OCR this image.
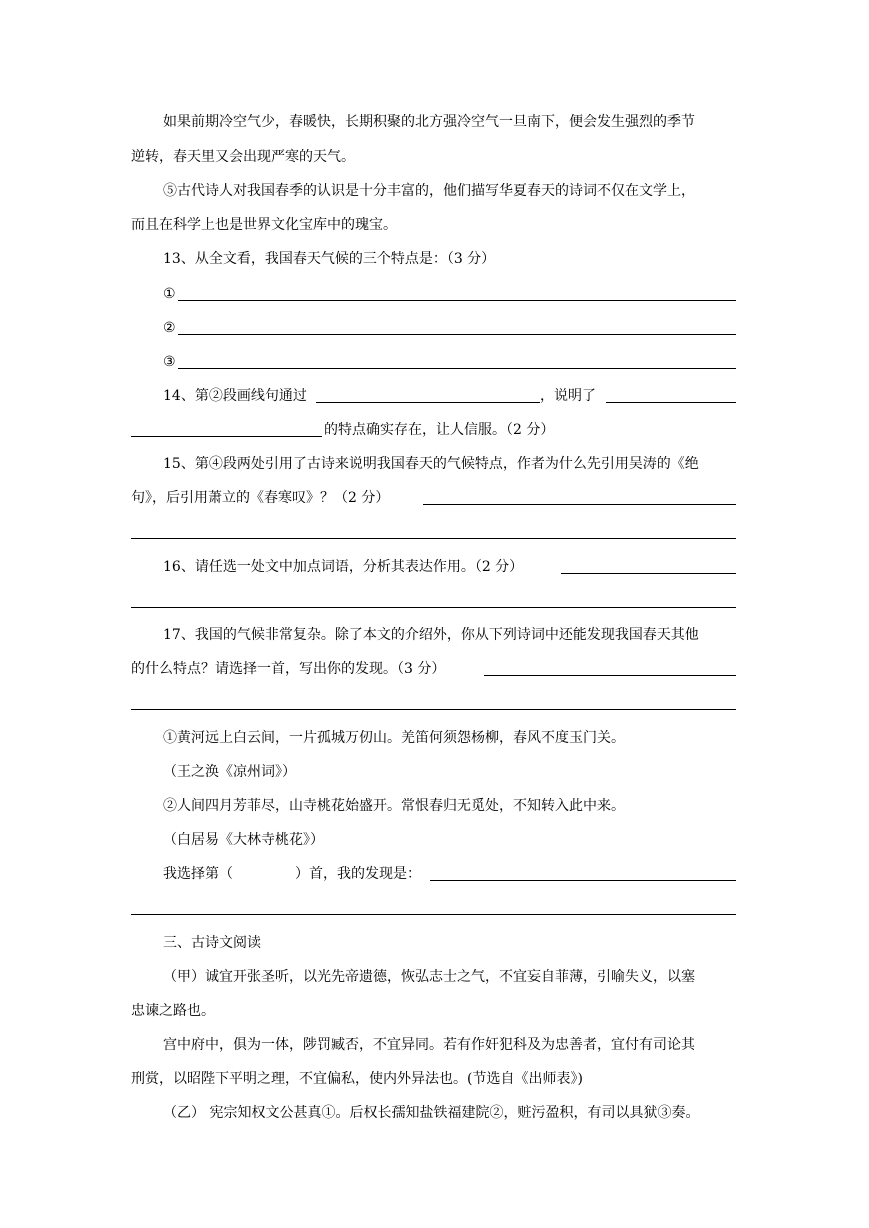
如果前期冷空气少，春暖快，长期积聚的北方强冷空气一旦南下，便会发生强烈的季节
逆转，春天里又会出现严寒的天气。
⑤古代诗人对我国春季的认识是十分丰富的，他们描写华夏春天的诗词不仅在文学上，
而且在科学上也是世界文化宝库中的瑰宝。
13、从全文看，我国春天气候的三个特点是：（3 分）
①
②
③
14、第②段画线句通过	，说明了
的特点确实存在，让人信服。（2 分）
15、第④段两处引用了古诗来说明我国春天的气候特点，作者为什么先引用吴涛的《绝
句》，后引用萧立的《春寒叹》？（2 分）
16、请任选一处文中加点词语，分析其表达作用。（2 分）
17、我国的气候非常复杂。除了本文的介绍外，你从下列诗词中还能发现我国春天其他
的什么特点？请选择一首，写出你的发现。（3 分）
①黄河远上白云间，一片孤城万仞山。羌笛何须怨杨柳，春风不度玉门关。
（王之涣《凉州词》）
②人间四月芳菲尽，山寺桃花始盛开。常恨春归无觅处，不知转入此中来。
（白居易《大林寺桃花》）
我选择第（	）首，我的发现是：
三、古诗文阅读
（甲）诚宜开张圣听，以光先帝遗德，恢弘志士之气，不宜妄自菲薄，引喻失义，以塞
忠谏之路也。
宫中府中，俱为一体，陟罚臧否，不宜异同。若有作奸犯科及为忠善者，宜付有司论其
刑赏，以昭陛下平明之理，不宜偏私，使内外异法也。(节选自《出师表》)
（乙） 宪宗知权文公甚真①。后权长孺知盐铁福建院②，赃污盈积，有司以具狱③奏。
